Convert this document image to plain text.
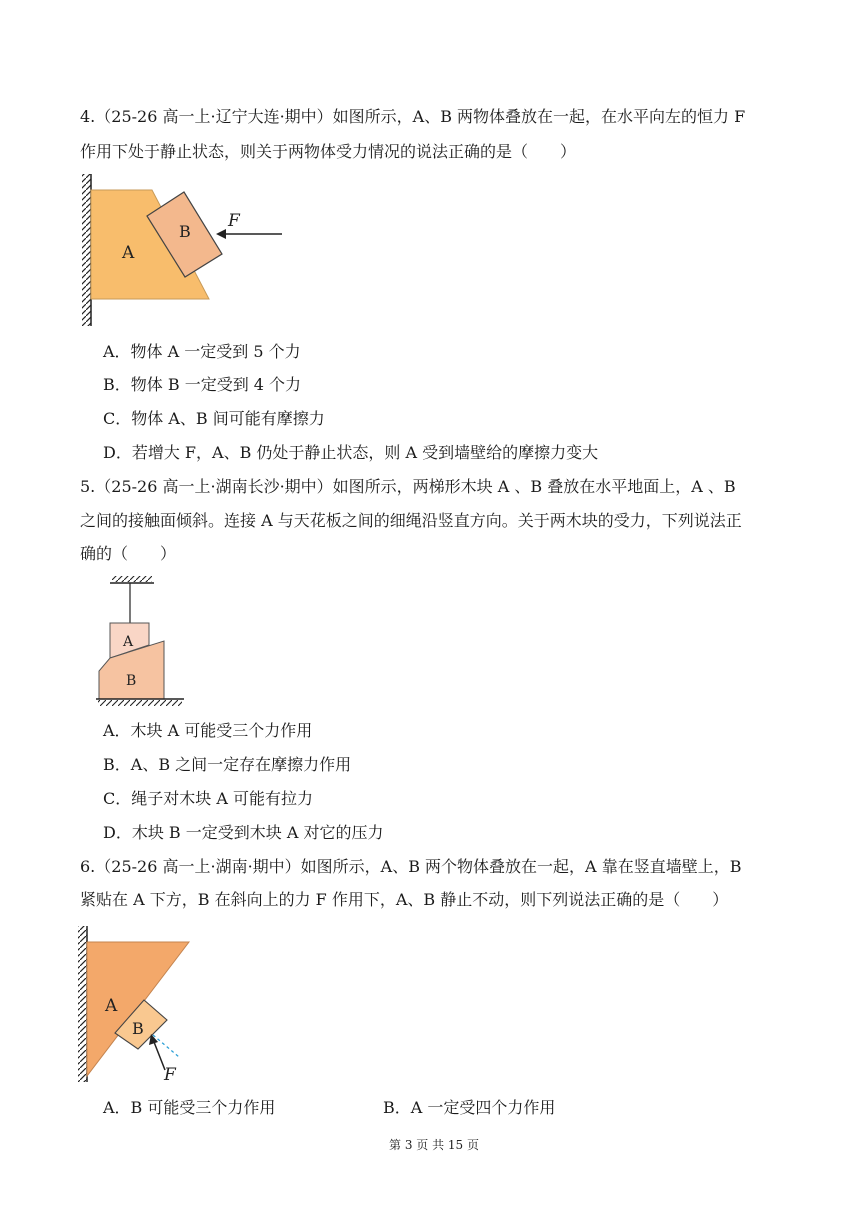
4.（25-26 高一上·辽宁大连·期中）如图所示，A、B 两物体叠放在一起，在水平向左的恒力 F
作用下处于静止状态，则关于两物体受力情况的说法正确的是（　　）
A
B
F
A．物体 A 一定受到 5 个力
B．物体 B 一定受到 4 个力
C．物体 A、B 间可能有摩擦力
D．若增大 F，A、B 仍处于静止状态，则 A 受到墙壁给的摩擦力变大
5.（25-26 高一上·湖南长沙·期中）如图所示，两梯形木块 A 、B 叠放在水平地面上，A 、B
之间的接触面倾斜。连接 A 与天花板之间的细绳沿竖直方向。关于两木块的受力，下列说法正
确的（　　）
A
B
A．木块 A 可能受三个力作用
B．A、B 之间一定存在摩擦力作用
C．绳子对木块 A 可能有拉力
D．木块 B 一定受到木块 A 对它的压力
6.（25-26 高一上·湖南·期中）如图所示，A、B 两个物体叠放在一起，A 靠在竖直墙壁上，B
紧贴在 A 下方，B 在斜向上的力 F 作用下，A、B 静止不动，则下列说法正确的是（　　）
A
B
F
A．B 可能受三个力作用	B．A 一定受四个力作用
第 3 页 共 15 页
